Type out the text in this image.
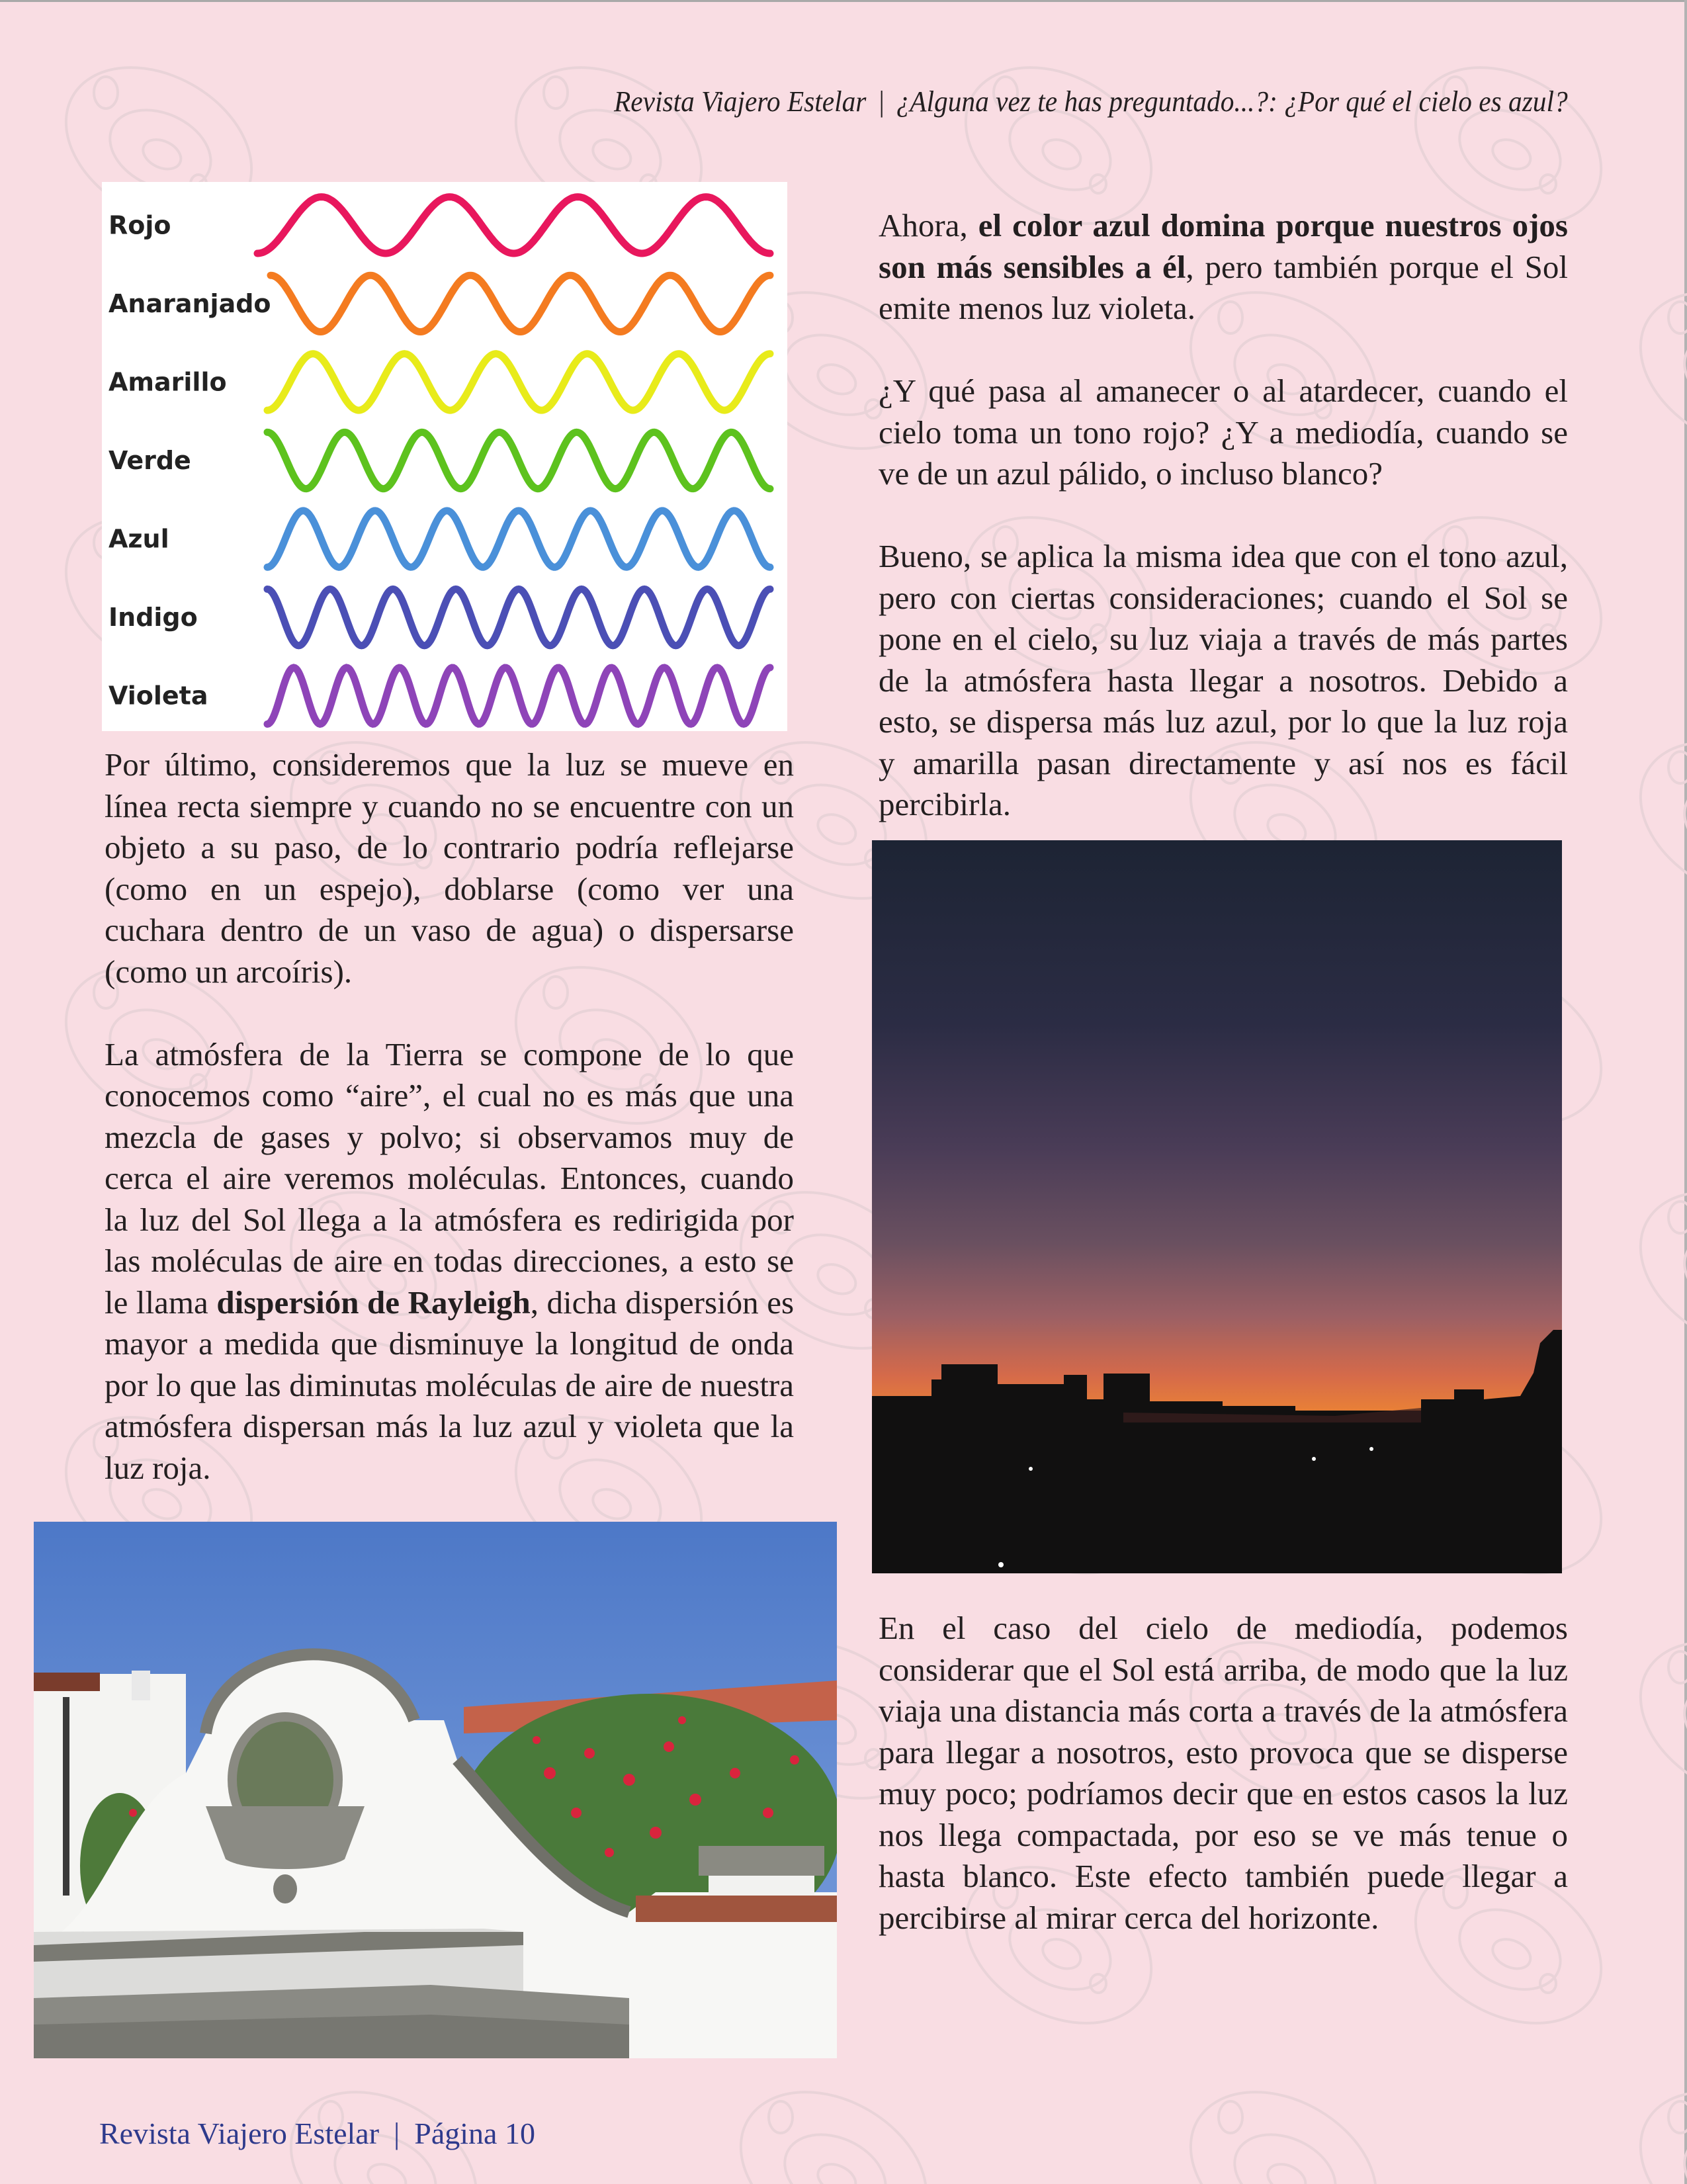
Revista Viajero Estelar | ¿Alguna vez te has preguntado...?: ¿Por qué el cielo es azul?
Rojo
Anaranjado
Amarillo
Verde
Azul
Indigo
Violeta

Por último, consideremos que la luz se mueve en línea recta siempre y cuando no se encuentre con un objeto a su paso, de lo contrario podría reflejarse (como en un espejo), doblarse (como ver una cuchara dentro de un vaso de agua) o dispersarse (como un arcoíris).

La atmósfera de la Tierra se compone de lo que conocemos como “aire”, el cual no es más que una mezcla de gases y polvo; si observamos muy de cerca el aire veremos moléculas. Entonces, cuando la luz del Sol llega a la atmósfera es redirigida por las moléculas de aire en todas direcciones, a esto se le llama dispersión de Rayleigh, dicha dispersión es mayor a medida que disminuye la longitud de onda por lo que las diminutas moléculas de aire de nuestra atmósfera dispersan más la luz azul y violeta que la luz roja.

Ahora, el color azul domina porque nuestros ojos son más sensibles a él, pero también porque el Sol emite menos luz violeta.

¿Y qué pasa al amanecer o al atardecer, cuando el cielo toma un tono rojo? ¿Y a mediodía, cuando se ve de un azul pálido, o incluso blanco?

Bueno, se aplica la misma idea que con el tono azul, pero con ciertas consideraciones; cuando el Sol se pone en el cielo, su luz viaja a través de más partes de la atmósfera hasta llegar a nosotros. Debido a esto, se dispersa más luz azul, por lo que la luz roja y amarilla pasan directamente y así nos es fácil percibirla.

En el caso del cielo de mediodía, podemos considerar que el Sol está arriba, de modo que la luz viaja una distancia más corta a través de la atmósfera para llegar a nosotros, esto provoca que se disperse muy poco; podríamos decir que en estos casos la luz nos llega compactada, por eso se ve más tenue o hasta blanco. Este efecto también puede llegar a percibirse al mirar cerca del horizonte.

Revista Viajero Estelar | Página 10
